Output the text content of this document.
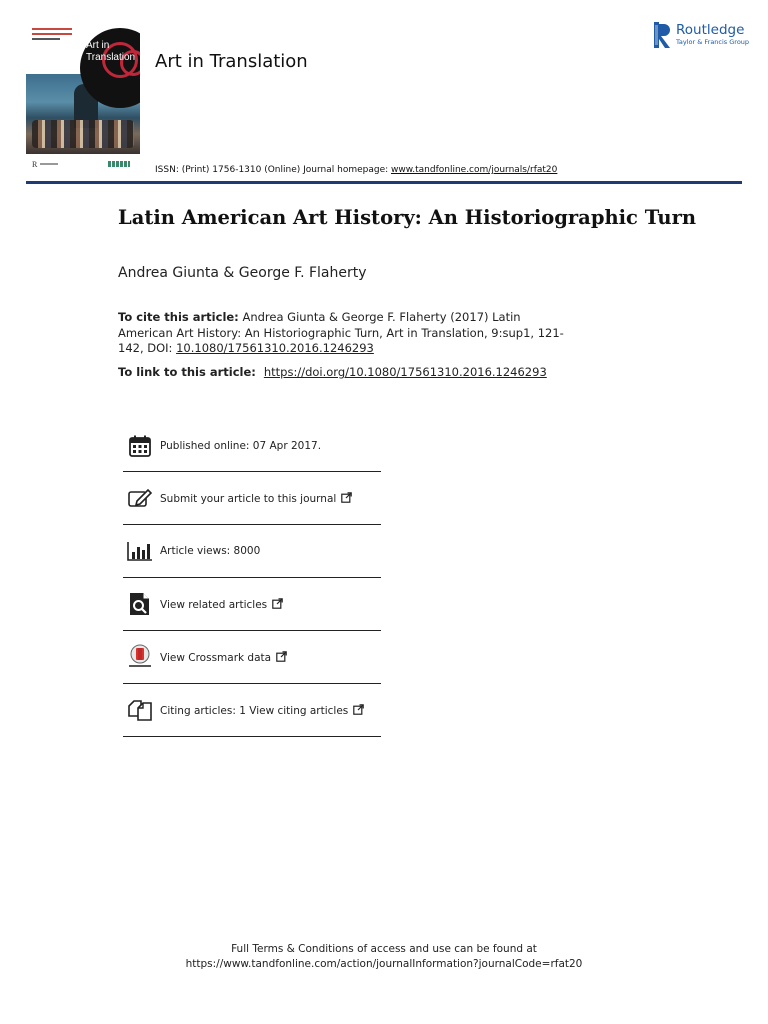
Art in
Translation
R
Art in Translation
Routledge
Taylor & Francis Group
ISSN: (Print) 1756-1310 (Online) Journal homepage: www.tandfonline.com/journals/rfat20
Latin American Art History: An Historiographic Turn
Andrea Giunta & George F. Flaherty
To cite this article: Andrea Giunta & George F. Flaherty (2017) Latin American Art History: An Historiographic Turn, Art in Translation, 9:sup1, 121-142, DOI: 10.1080/17561310.2016.1246293
To link to this article: https://doi.org/10.1080/17561310.2016.1246293
Published online: 07 Apr 2017.
Submit your article to this journal
Article views: 8000
View related articles
View Crossmark data
Citing articles: 1 View citing articles
Full Terms & Conditions of access and use can be found at
https://www.tandfonline.com/action/journalInformation?journalCode=rfat20
